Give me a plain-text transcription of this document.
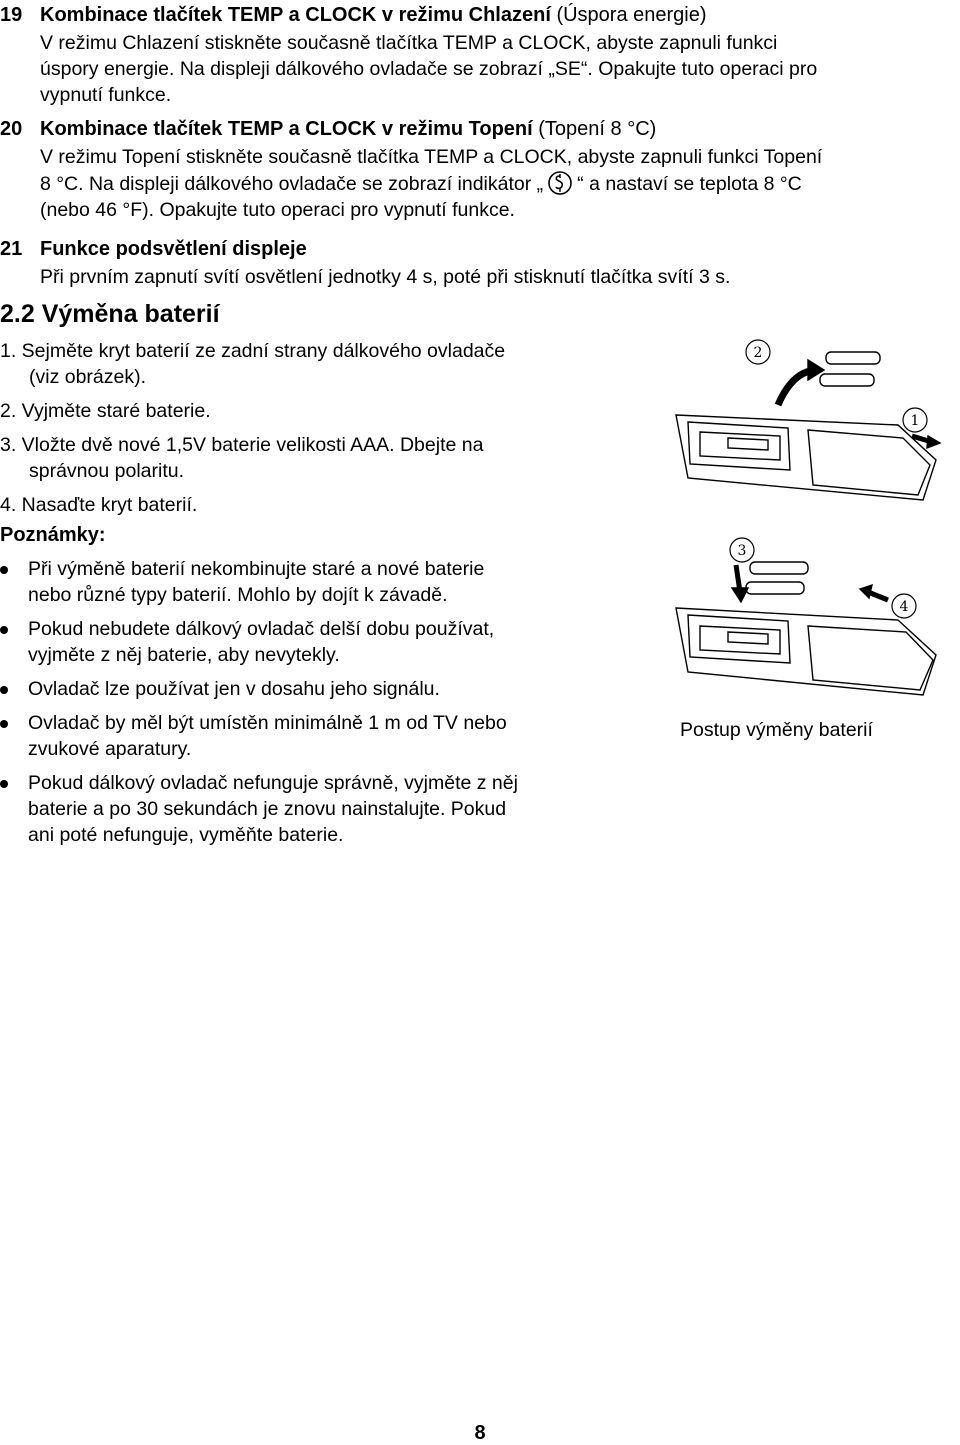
19 Kombinace tlačítek TEMP a CLOCK v režimu Chlazení (Úspora energie)
V režimu Chlazení stiskněte současně tlačítka TEMP a CLOCK, abyste zapnuli funkci
úspory energie. Na displeji dálkového ovladače se zobrazí „SE“. Opakujte tuto operaci pro
vypnutí funkce.
20 Kombinace tlačítek TEMP a CLOCK v režimu Topení (Topení 8 °C)
V režimu Topení stiskněte současně tlačítka TEMP a CLOCK, abyste zapnuli funkci Topení
8 °C. Na displeji dálkového ovladače se zobrazí indikátor „ “ a nastaví se teplota 8 °C
(nebo 46 °F). Opakujte tuto operaci pro vypnutí funkce.
21 Funkce podsvětlení displeje
Při prvním zapnutí svítí osvětlení jednotky 4 s, poté při stisknutí tlačítka svítí 3 s.
2.2 Výměna baterií
1. Sejměte kryt baterií ze zadní strany dálkového ovladače
(viz obrázek).
2. Vyjměte staré baterie.
3. Vložte dvě nové 1,5V baterie velikosti AAA. Dbejte na
správnou polaritu.
4. Nasaďte kryt baterií.
Poznámky:
Při výměně baterií nekombinujte staré a nové baterie
nebo různé typy baterií. Mohlo by dojít k závadě.
Pokud nebudete dálkový ovladač delší dobu používat,
vyjměte z něj baterie, aby nevytekly.
Ovladač lze používat jen v dosahu jeho signálu.
Ovladač by měl být umístěn minimálně 1 m od TV nebo
zvukové aparatury.
Pokud dálkový ovladač nefunguje správně, vyjměte z něj
baterie a po 30 sekundách je znovu nainstalujte. Pokud
ani poté nefunguje, vyměňte baterie.
2
1
3
4
Postup výměny baterií
8
